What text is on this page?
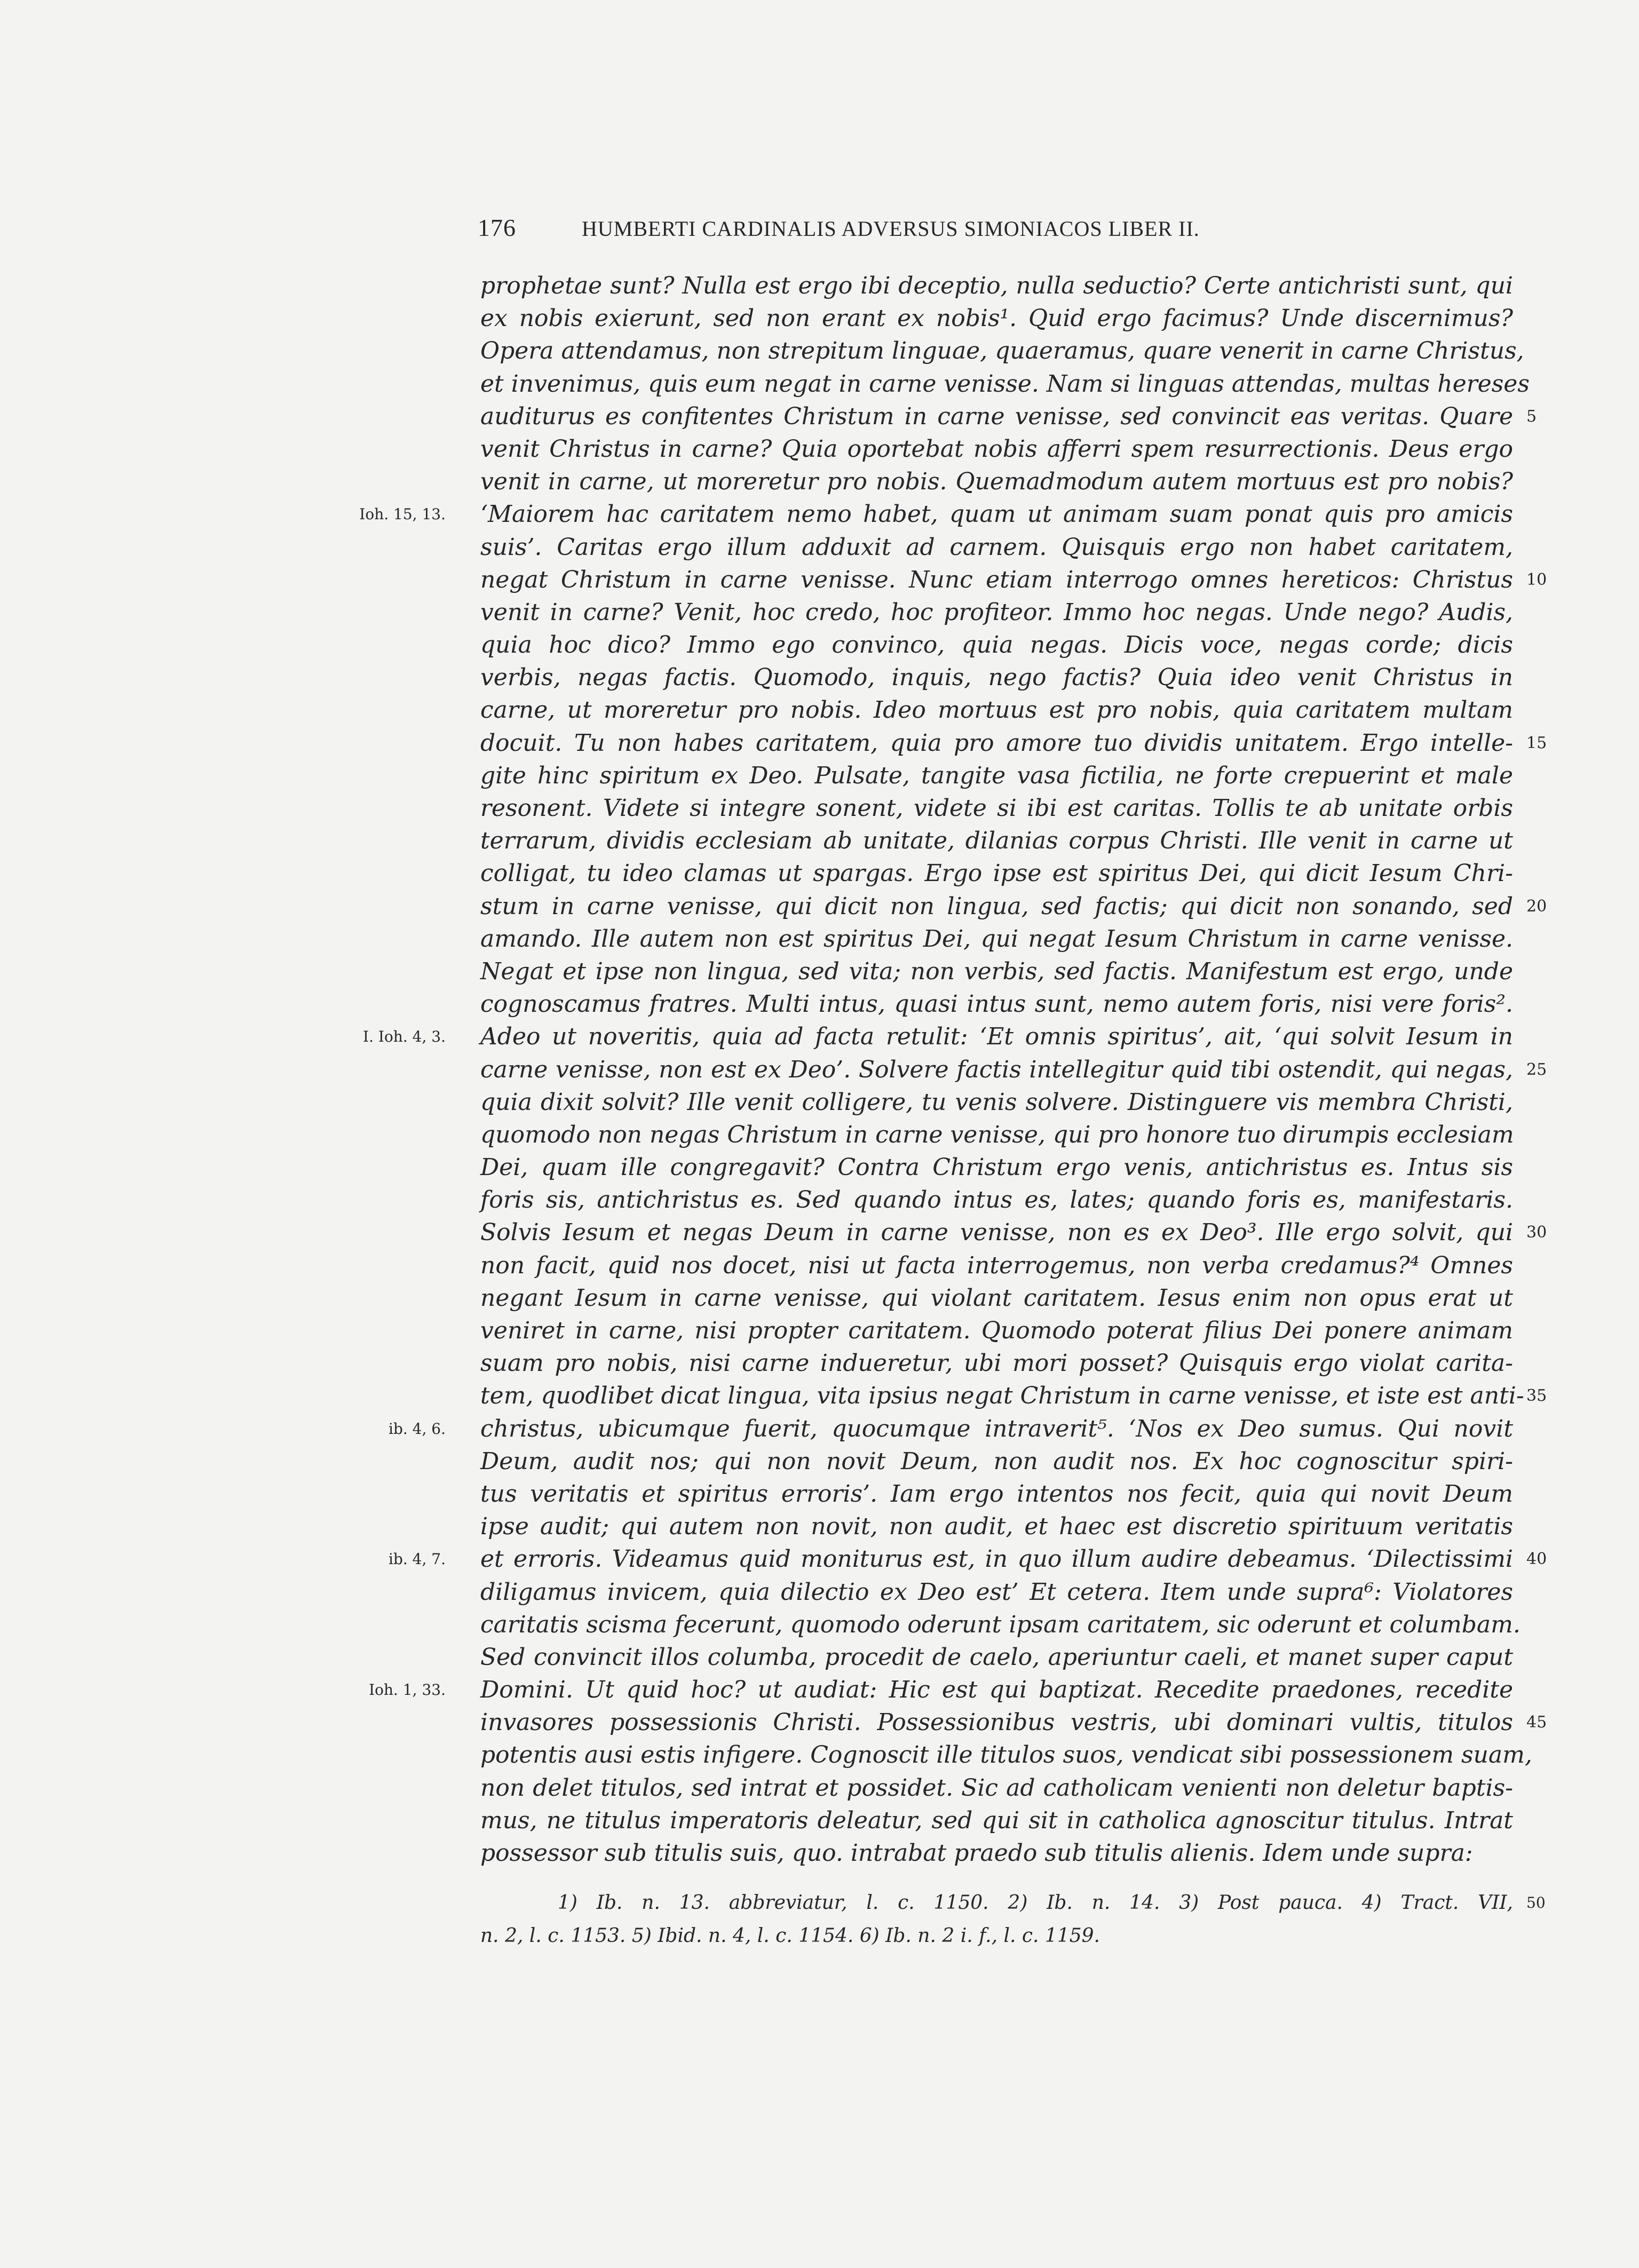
176	HUMBERTI CARDINALIS ADVERSUS SIMONIACOS LIBER II.
prophetae sunt? Nulla est ergo ibi deceptio, nulla seductio? Certe antichristi sunt, qui
ex nobis exierunt, sed non erant ex nobis¹. Quid ergo facimus? Unde discernimus?
Opera attendamus, non strepitum linguae, quaeramus, quare venerit in carne Christus,
et invenimus, quis eum negat in carne venisse. Nam si linguas attendas, multas hereses
auditurus es confitentes Christum in carne venisse, sed convincit eas veritas. Quare 5
venit Christus in carne? Quia oportebat nobis afferri spem resurrectionis. Deus ergo
venit in carne, ut moreretur pro nobis. Quemadmodum autem mortuus est pro nobis?
‘Maiorem hac caritatem nemo habet, quam ut animam suam ponat quis pro amicis
Ioh. 15, 13.
suis’. Caritas ergo illum adduxit ad carnem. Quisquis ergo non habet caritatem,
negat Christum in carne venisse. Nunc etiam interrogo omnes hereticos: Christus 10
venit in carne? Venit, hoc credo, hoc profiteor. Immo hoc negas. Unde nego? Audis,
quia hoc dico? Immo ego convinco, quia negas. Dicis voce, negas corde; dicis
verbis, negas factis. Quomodo, inquis, nego factis? Quia ideo venit Christus in
carne, ut moreretur pro nobis. Ideo mortuus est pro nobis, quia caritatem multam
docuit. Tu non habes caritatem, quia pro amore tuo dividis unitatem. Ergo intelle- 15
gite hinc spiritum ex Deo. Pulsate, tangite vasa fictilia, ne forte crepuerint et male
resonent. Videte si integre sonent, videte si ibi est caritas. Tollis te ab unitate orbis
terrarum, dividis ecclesiam ab unitate, dilanias corpus Christi. Ille venit in carne ut
colligat, tu ideo clamas ut spargas. Ergo ipse est spiritus Dei, qui dicit Iesum Chri-
stum in carne venisse, qui dicit non lingua, sed factis; qui dicit non sonando, sed 20
amando. Ille autem non est spiritus Dei, qui negat Iesum Christum in carne venisse.
Negat et ipse non lingua, sed vita; non verbis, sed factis. Manifestum est ergo, unde
cognoscamus fratres. Multi intus, quasi intus sunt, nemo autem foris, nisi vere foris².
Adeo ut noveritis, quia ad facta retulit: ‘Et omnis spiritus’, ait, ‘qui solvit Iesum in
I. Ioh. 4, 3.
carne venisse, non est ex Deo’. Solvere factis intellegitur quid tibi ostendit, qui negas, 25
quia dixit solvit? Ille venit colligere, tu venis solvere. Distinguere vis membra Christi,
quomodo non negas Christum in carne venisse, qui pro honore tuo dirumpis ecclesiam
Dei, quam ille congregavit? Contra Christum ergo venis, antichristus es. Intus sis
foris sis, antichristus es. Sed quando intus es, lates; quando foris es, manifestaris.
Solvis Iesum et negas Deum in carne venisse, non es ex Deo³. Ille ergo solvit, qui 30
non facit, quid nos docet, nisi ut facta interrogemus, non verba credamus?⁴ Omnes
negant Iesum in carne venisse, qui violant caritatem. Iesus enim non opus erat ut
veniret in carne, nisi propter caritatem. Quomodo poterat filius Dei ponere animam
suam pro nobis, nisi carne indueretur, ubi mori posset? Quisquis ergo violat carita-
tem, quodlibet dicat lingua, vita ipsius negat Christum in carne venisse, et iste est anti- 35
christus, ubicumque fuerit, quocumque intraverit⁵. ‘Nos ex Deo sumus. Qui novit
ib. 4, 6.
Deum, audit nos; qui non novit Deum, non audit nos. Ex hoc cognoscitur spiri-
tus veritatis et spiritus erroris’. Iam ergo intentos nos fecit, quia qui novit Deum
ipse audit; qui autem non novit, non audit, et haec est discretio spirituum veritatis
et erroris. Videamus quid moniturus est, in quo illum audire debeamus. ‘Dilectissimi
ib. 4, 7.	40
diligamus invicem, quia dilectio ex Deo est’ Et cetera. Item unde supra⁶: Violatores
caritatis scisma fecerunt, quomodo oderunt ipsam caritatem, sic oderunt et columbam.
Sed convincit illos columba, procedit de caelo, aperiuntur caeli, et manet super caput
Domini. Ut quid hoc? ut audiat: Hic est qui baptizat. Recedite praedones, recedite
Ioh. 1, 33.
invasores possessionis Christi. Possessionibus vestris, ubi dominari vultis, titulos 45
potentis ausi estis infigere. Cognoscit ille titulos suos, vendicat sibi possessionem suam,
non delet titulos, sed intrat et possidet. Sic ad catholicam venienti non deletur baptis-
mus, ne titulus imperatoris deleatur, sed qui sit in catholica agnoscitur titulus. Intrat
possessor sub titulis suis, quo. intrabat praedo sub titulis alienis. Idem unde supra:
1) Ib. n. 13. abbreviatur, l. c. 1150. 2) Ib. n. 14. 3) Post pauca. 4) Tract. VII, 50
n. 2, l. c. 1153. 5) Ibid. n. 4, l. c. 1154. 6) Ib. n. 2 i. f., l. c. 1159.
